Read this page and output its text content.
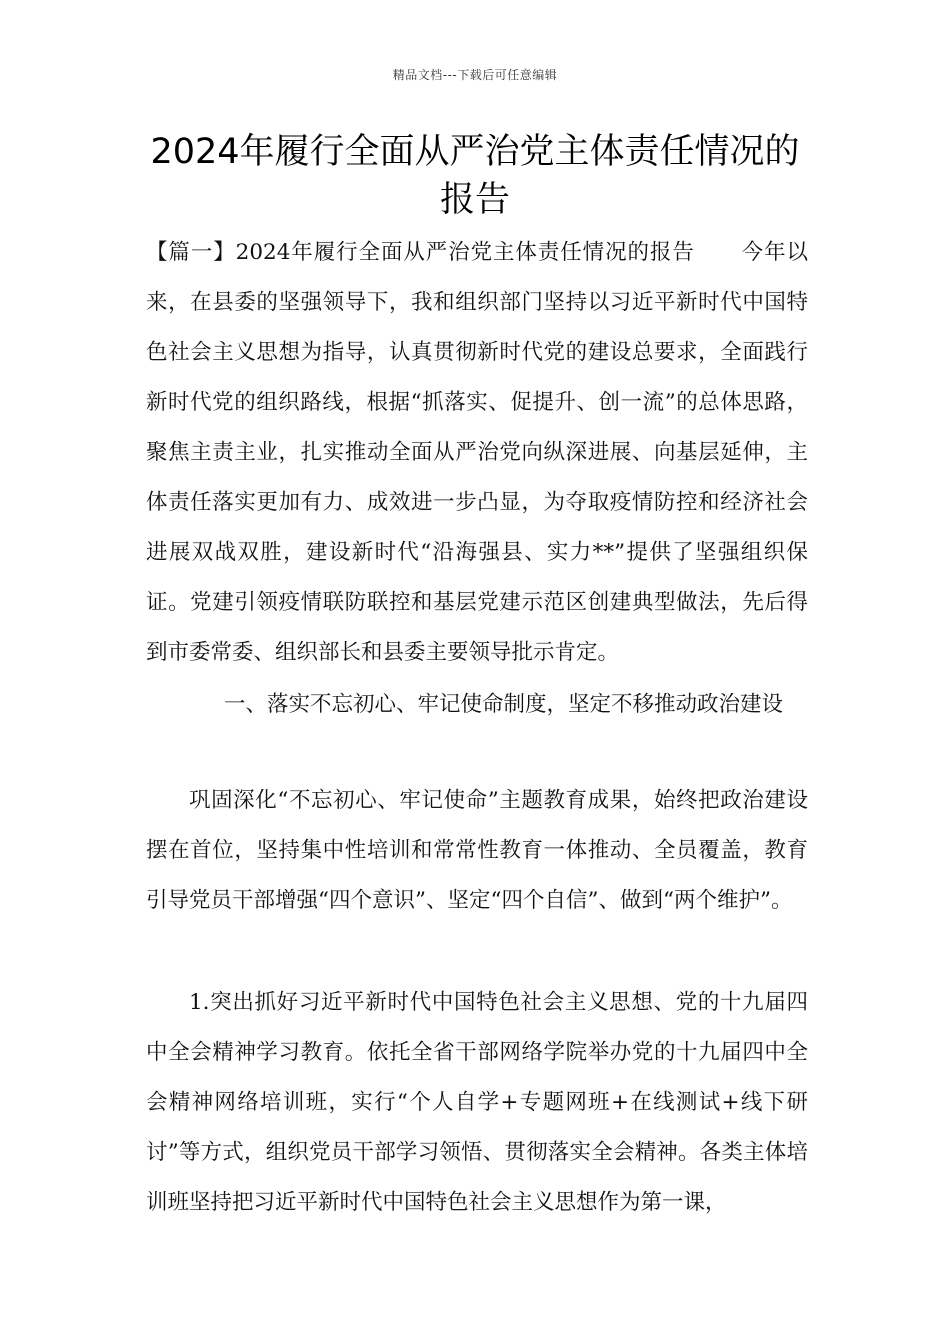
精品文档---下载后可任意编辑
2024年履行全面从严治党主体责任情况的报告

【篇一】2024年履行全面从严治党主体责任情况的报告 今年以来，在县委的坚强领导下，我和组织部门坚持以习近平新时代中国特色社会主义思想为指导，认真贯彻新时代党的建设总要求，全面践行新时代党的组织路线，根据“抓落实、促提升、创一流”的总体思路，聚焦主责主业，扎实推动全面从严治党向纵深进展、向基层延伸，主体责任落实更加有力、成效进一步凸显，为夺取疫情防控和经济社会进展双战双胜，建设新时代“沿海强县、实力**”提供了坚强组织保证。党建引领疫情联防联控和基层党建示范区创建典型做法，先后得到市委常委、组织部长和县委主要领导批示肯定。

一、落实不忘初心、牢记使命制度，坚定不移推动政治建设

巩固深化“不忘初心、牢记使命”主题教育成果，始终把政治建设摆在首位，坚持集中性培训和常常性教育一体推动、全员覆盖，教育引导党员干部增强“四个意识”、坚定“四个自信”、做到“两个维护”。

1.突出抓好习近平新时代中国特色社会主义思想、党的十九届四中全会精神学习教育。依托全省干部网络学院举办党的十九届四中全会精神网络培训班，实行“个人自学+专题网班+在线测试+线下研讨”等方式，组织党员干部学习领悟、贯彻落实全会精神。各类主体培训班坚持把习近平新时代中国特色社会主义思想作为第一课，
